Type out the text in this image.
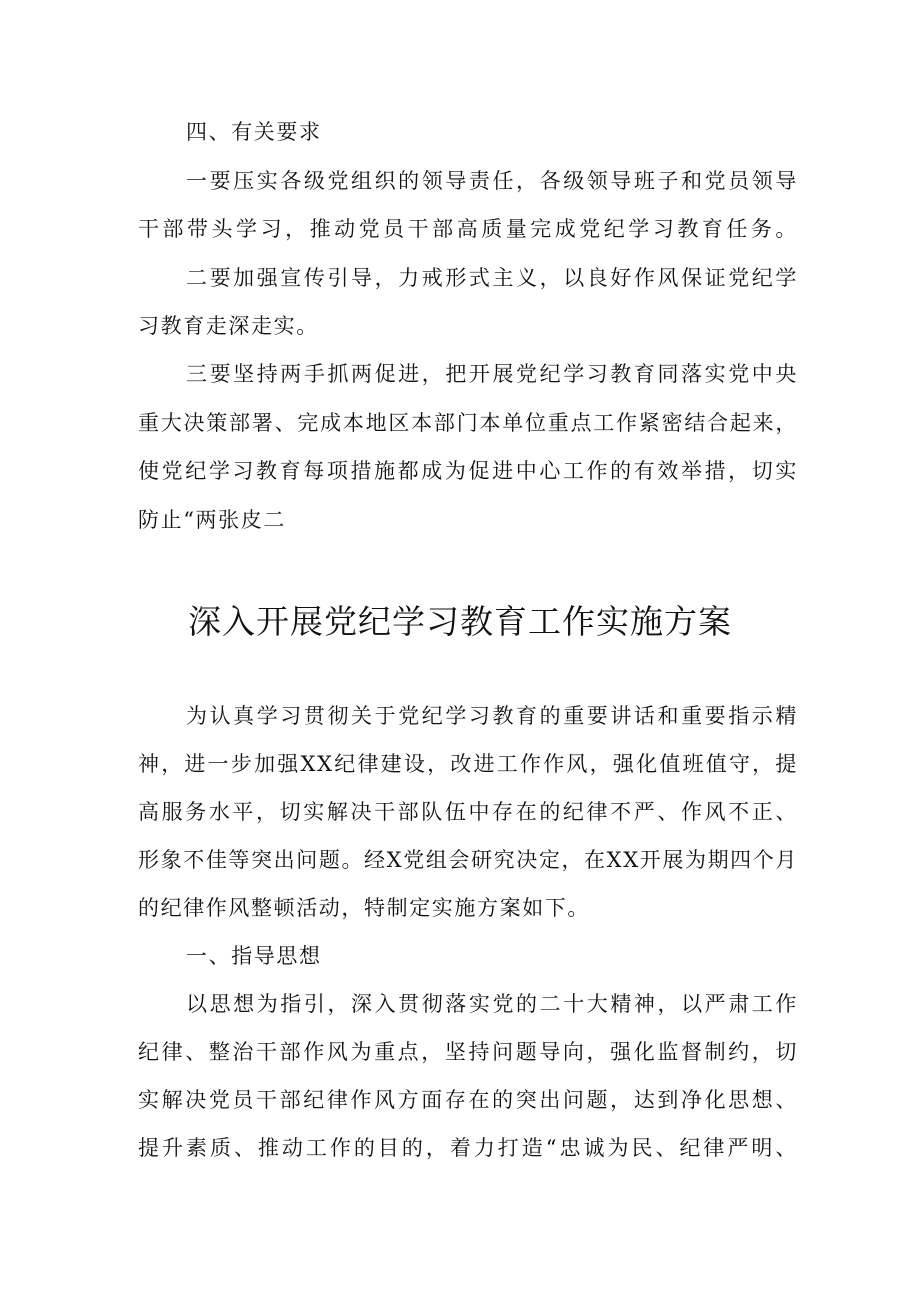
四、有关要求
一要压实各级党组织的领导责任，各级领导班子和党员领导
干部带头学习，推动党员干部高质量完成党纪学习教育任务。
二要加强宣传引导，力戒形式主义，以良好作风保证党纪学
习教育走深走实。
三要坚持两手抓两促进，把开展党纪学习教育同落实党中央
重大决策部署、完成本地区本部门本单位重点工作紧密结合起来，
使党纪学习教育每项措施都成为促进中心工作的有效举措，切实
防止“两张皮二
深入开展党纪学习教育工作实施方案
为认真学习贯彻关于党纪学习教育的重要讲话和重要指示精
神，进一步加强XX纪律建设，改进工作作风，强化值班值守，提
高服务水平，切实解决干部队伍中存在的纪律不严、作风不正、
形象不佳等突出问题。经X党组会研究决定，在XX开展为期四个月
的纪律作风整顿活动，特制定实施方案如下。
一、指导思想
以思想为指引，深入贯彻落实党的二十大精神，以严肃工作
纪律、整治干部作风为重点，坚持问题导向，强化监督制约，切
实解决党员干部纪律作风方面存在的突出问题，达到净化思想、
提升素质、推动工作的目的，着力打造“忠诚为民、纪律严明、
